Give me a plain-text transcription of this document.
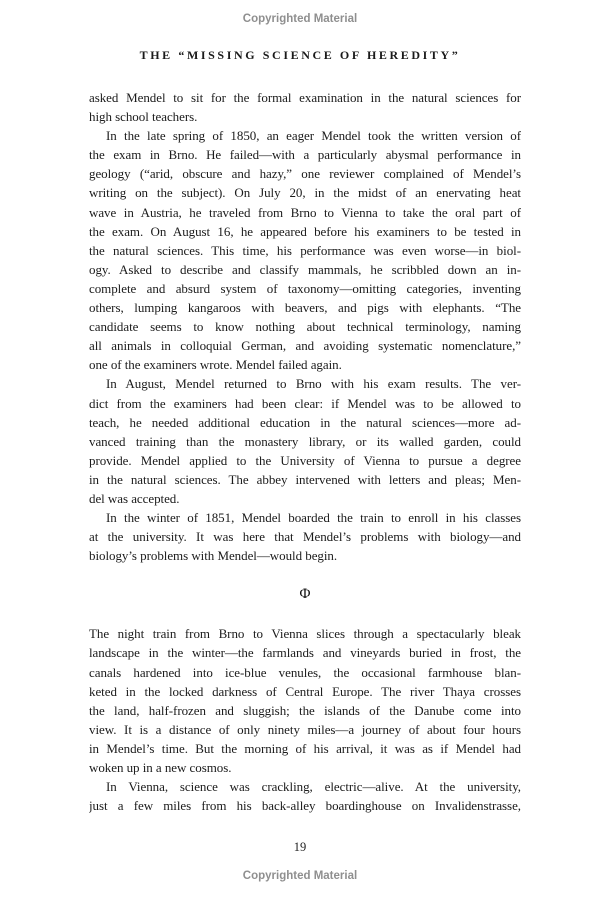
Copyrighted Material
THE “MISSING SCIENCE OF HEREDITY”
asked Mendel to sit for the formal examination in the natural sciences for
high school teachers.
In the late spring of 1850, an eager Mendel took the written version of
the exam in Brno. He failed—with a particularly abysmal performance in
geology (“arid, obscure and hazy,” one reviewer complained of Mendel’s
writing on the subject). On July 20, in the midst of an enervating heat
wave in Austria, he traveled from Brno to Vienna to take the oral part of
the exam. On August 16, he appeared before his examiners to be tested in
the natural sciences. This time, his performance was even worse—in biol-
ogy. Asked to describe and classify mammals, he scribbled down an in-
complete and absurd system of taxonomy—omitting categories, inventing
others, lumping kangaroos with beavers, and pigs with elephants. “The
candidate seems to know nothing about technical terminology, naming
all animals in colloquial German, and avoiding systematic nomenclature,”
one of the examiners wrote. Mendel failed again.
In August, Mendel returned to Brno with his exam results. The ver-
dict from the examiners had been clear: if Mendel was to be allowed to
teach, he needed additional education in the natural sciences—more ad-
vanced training than the monastery library, or its walled garden, could
provide. Mendel applied to the University of Vienna to pursue a degree
in the natural sciences. The abbey intervened with letters and pleas; Men-
del was accepted.
In the winter of 1851, Mendel boarded the train to enroll in his classes
at the university. It was here that Mendel’s problems with biology—and
biology’s problems with Mendel—would begin.
Φ
The night train from Brno to Vienna slices through a spectacularly bleak
landscape in the winter—the farmlands and vineyards buried in frost, the
canals hardened into ice-blue venules, the occasional farmhouse blan-
keted in the locked darkness of Central Europe. The river Thaya crosses
the land, half-frozen and sluggish; the islands of the Danube come into
view. It is a distance of only ninety miles—a journey of about four hours
in Mendel’s time. But the morning of his arrival, it was as if Mendel had
woken up in a new cosmos.
In Vienna, science was crackling, electric—alive. At the university,
just a few miles from his back-alley boardinghouse on Invalidenstrasse,
19
Copyrighted Material
